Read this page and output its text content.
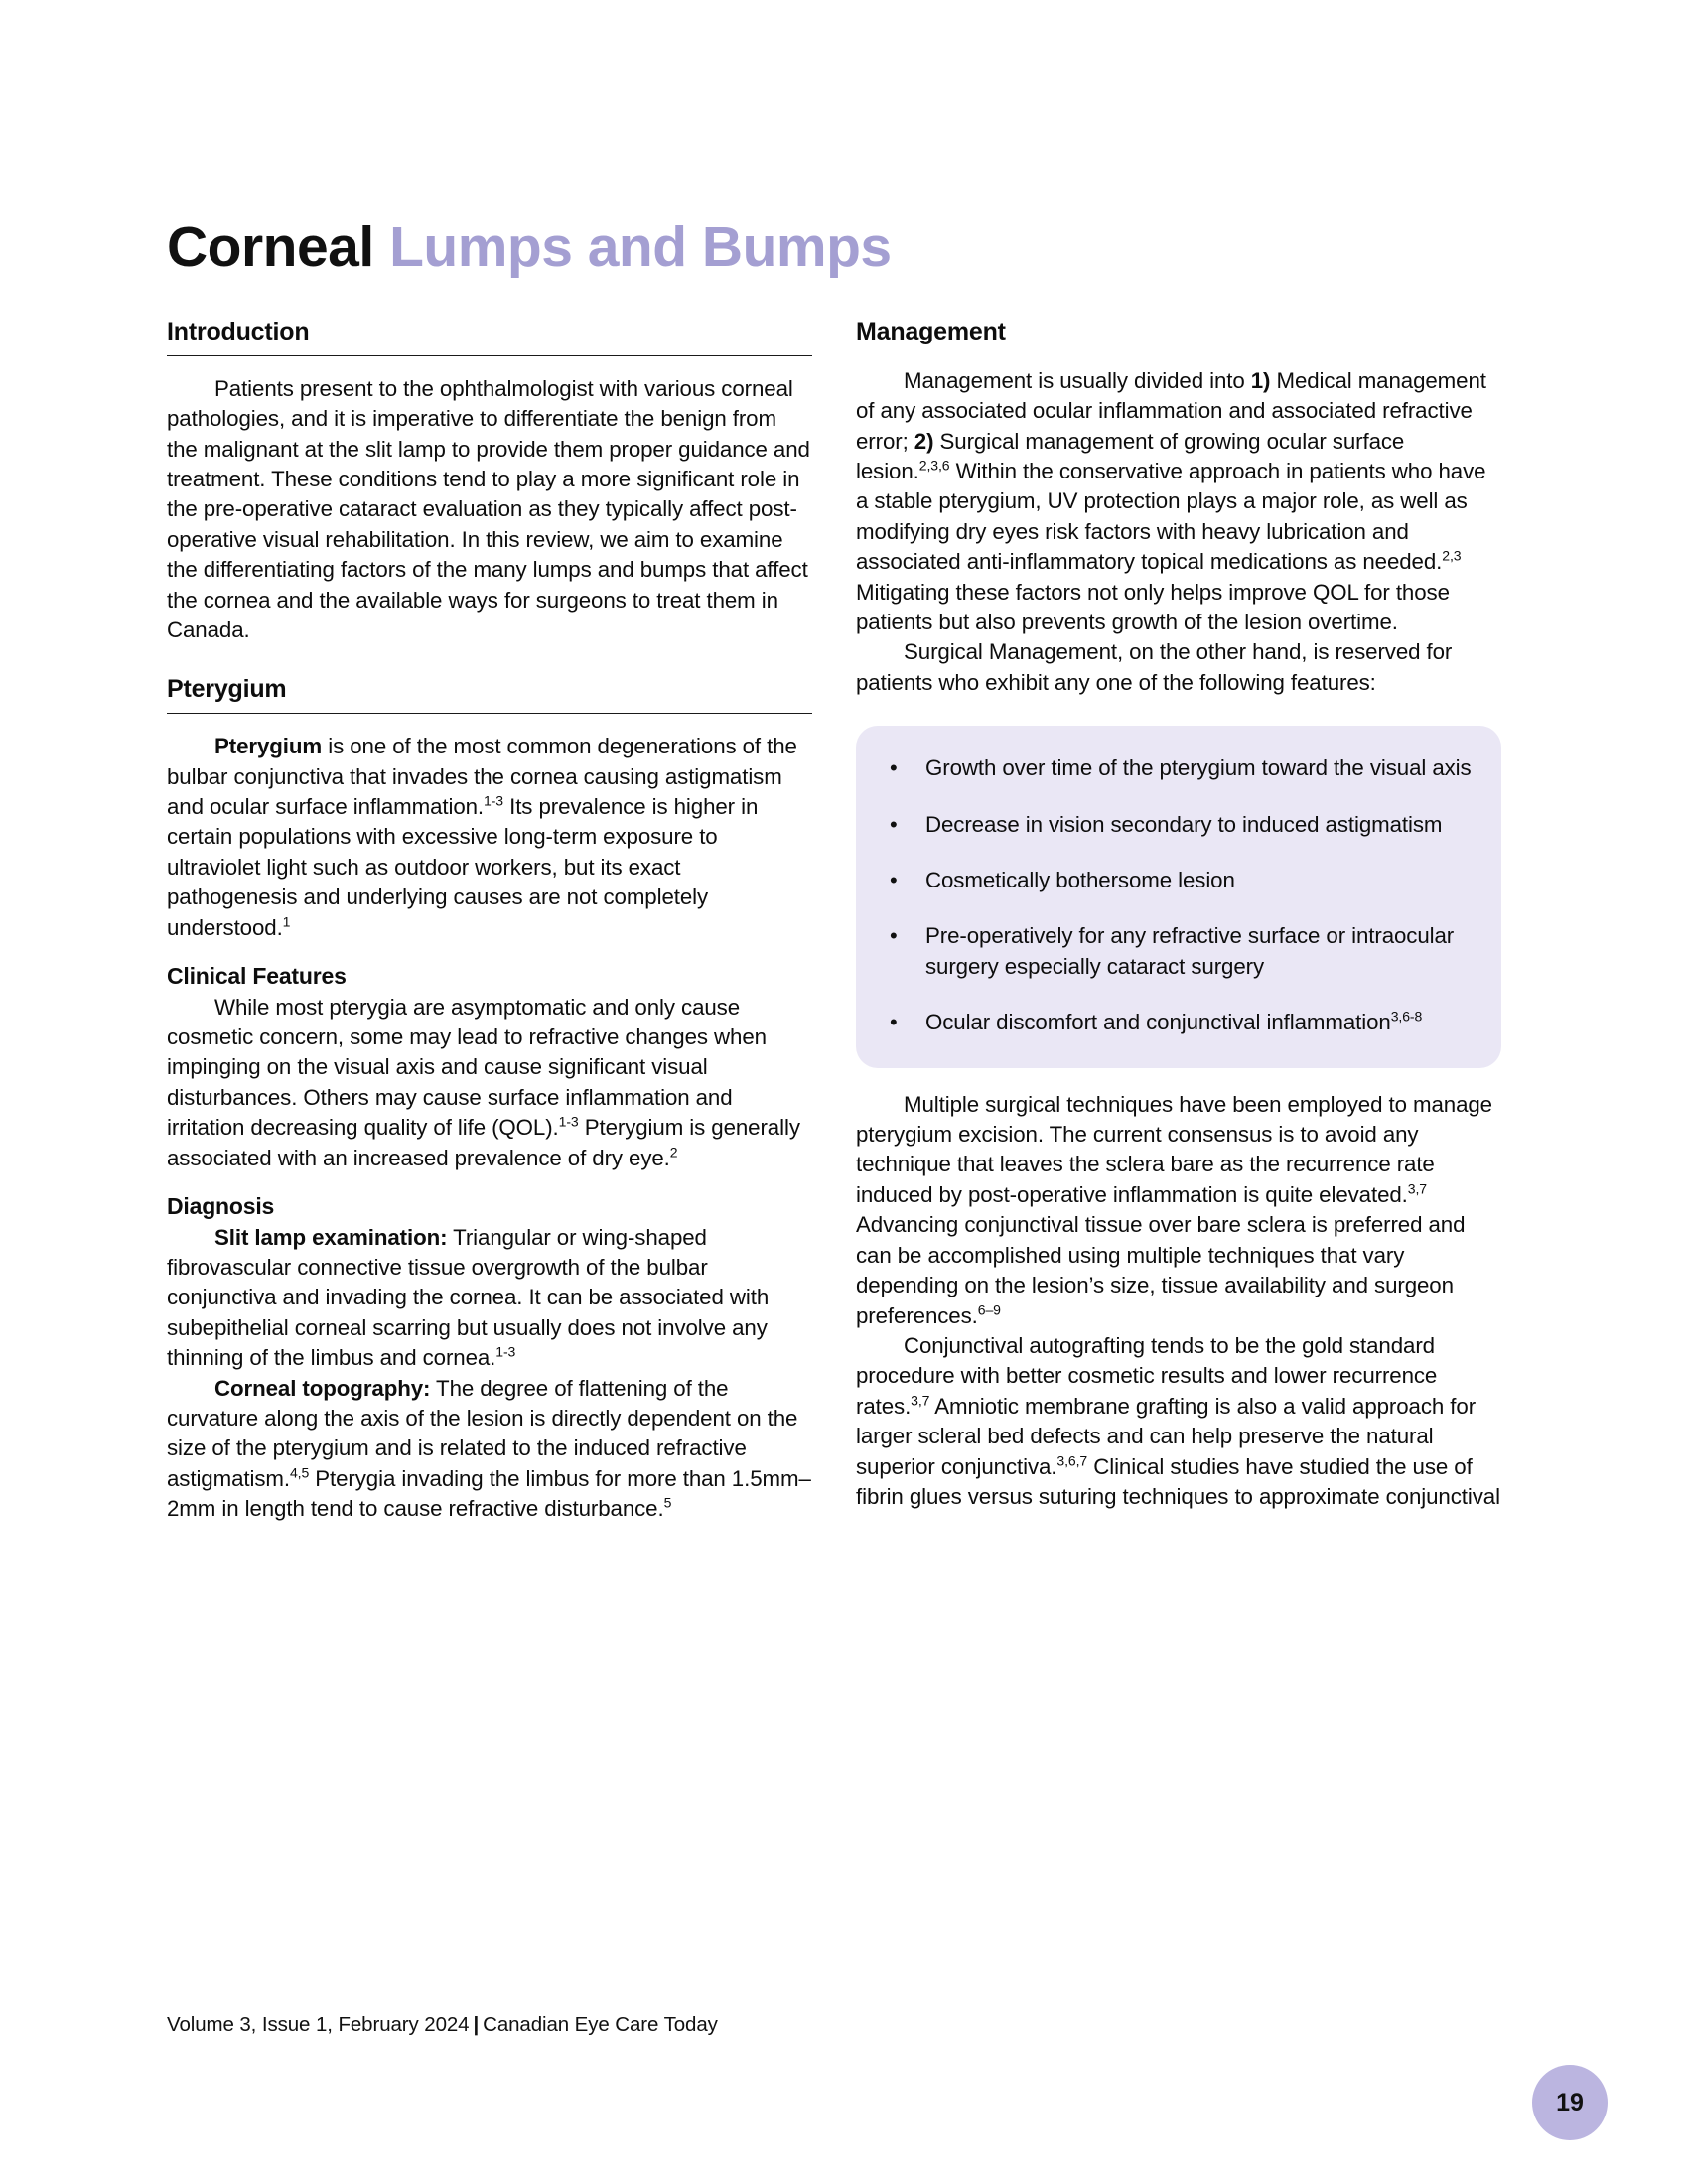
Corneal Lumps and Bumps
Introduction

Patients present to the ophthalmologist with various corneal pathologies, and it is imperative to differentiate the benign from the malignant at the slit lamp to provide them proper guidance and treatment. These conditions tend to play a more significant role in the pre-operative cataract evaluation as they typically affect post-operative visual rehabilitation. In this review, we aim to examine the differentiating factors of the many lumps and bumps that affect the cornea and the available ways for surgeons to treat them in Canada.

Pterygium

Pterygium is one of the most common degenerations of the bulbar conjunctiva that invades the cornea causing astigmatism and ocular surface inflammation.$^{1-3}$ Its prevalence is higher in certain populations with excessive long-term exposure to ultraviolet light such as outdoor workers, but its exact pathogenesis and underlying causes are not completely understood.$^1$

Clinical Features

While most pterygia are asymptomatic and only cause cosmetic concern, some may lead to refractive changes when impinging on the visual axis and cause significant visual disturbances. Others may cause surface inflammation and irritation decreasing quality of life (QOL).$^{1-3}$ Pterygium is generally associated with an increased prevalence of dry eye.$^2$

Diagnosis

Slit lamp examination: Triangular or wing-shaped fibrovascular connective tissue overgrowth of the bulbar conjunctiva and invading the cornea. It can be associated with subepithelial corneal scarring but usually does not involve any thinning of the limbus and cornea.$^{1-3}$

Corneal topography: The degree of flattening of the curvature along the axis of the lesion is directly dependent on the size of the pterygium and is related to the induced refractive astigmatism.$^{4,5}$ Pterygia invading the limbus for more than 1.5mm–2mm in length tend to cause refractive disturbance.$^5$

Management

Management is usually divided into 1) Medical management of any associated ocular inflammation and associated refractive error; 2) Surgical management of growing ocular surface lesion.$^{2,3,6}$ Within the conservative approach in patients who have a stable pterygium, UV protection plays a major role, as well as modifying dry eyes risk factors with heavy lubrication and associated anti-inflammatory topical medications as needed.$^{2,3}$ Mitigating these factors not only helps improve QOL for those patients but also prevents growth of the lesion overtime.

Surgical Management, on the other hand, is reserved for patients who exhibit any one of the following features:

•	Growth over time of the pterygium toward the visual axis
•	Decrease in vision secondary to induced astigmatism
•	Cosmetically bothersome lesion
•	Pre-operatively for any refractive surface or intraocular surgery especially cataract surgery
•	Ocular discomfort and conjunctival inflammation$^{3,6-8}$

Multiple surgical techniques have been employed to manage pterygium excision. The current consensus is to avoid any technique that leaves the sclera bare as the recurrence rate induced by post-operative inflammation is quite elevated.$^{3,7}$ Advancing conjunctival tissue over bare sclera is preferred and can be accomplished using multiple techniques that vary depending on the lesion’s size, tissue availability and surgeon preferences.$^{6-9}$

Conjunctival autografting tends to be the gold standard procedure with better cosmetic results and lower recurrence rates.$^{3,7}$ Amniotic membrane grafting is also a valid approach for larger scleral bed defects and can help preserve the natural superior conjunctiva.$^{3,6,7}$ Clinical studies have studied the use of fibrin glues versus suturing techniques to approximate conjunctival

Volume 3, Issue 1, February 2024 | Canadian Eye Care Today
19
